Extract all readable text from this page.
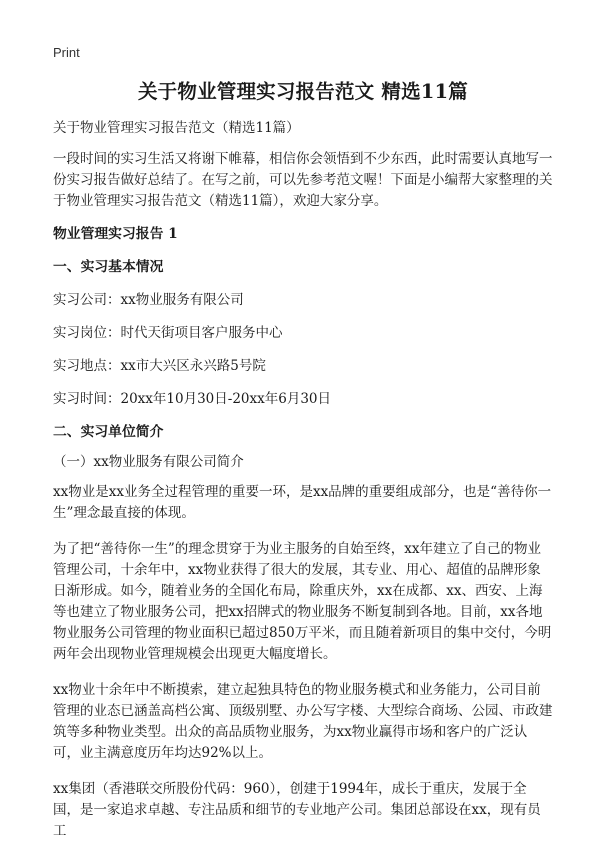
Print
关于物业管理实习报告范文 精选11篇

关于物业管理实习报告范文（精选11篇）

一段时间的实习生活又将谢下帷幕，相信你会领悟到不少东西，此时需要认真地写一份实习报告做好总结了。在写之前，可以先参考范文喔！下面是小编帮大家整理的关于物业管理实习报告范文（精选11篇），欢迎大家分享。

物业管理实习报告 1

一、实习基本情况

实习公司：xx物业服务有限公司

实习岗位：时代天街项目客户服务中心

实习地点：xx市大兴区永兴路5号院

实习时间：20xx年10月30日-20xx年6月30日

二、实习单位简介

（一）xx物业服务有限公司简介

xx物业是xx业务全过程管理的重要一环，是xx品牌的重要组成部分，也是“善待你一生”理念最直接的体现。

为了把“善待你一生”的理念贯穿于为业主服务的自始至终，xx年建立了自己的物业管理公司，十余年中，xx物业获得了很大的发展，其专业、用心、超值的品牌形象日渐形成。如今，随着业务的全国化布局，除重庆外，xx在成都、xx、西安、上海等也建立了物业服务公司，把xx招牌式的物业服务不断复制到各地。目前，xx各地物业服务公司管理的物业面积已超过850万平米，而且随着新项目的集中交付，今明两年会出现物业管理规模会出现更大幅度增长。

xx物业十余年中不断摸索，建立起独具特色的物业服务模式和业务能力，公司目前管理的业态已涵盖高档公寓、顶级别墅、办公写字楼、大型综合商场、公园、市政建筑等多种物业类型。出众的高品质物业服务，为xx物业赢得市场和客户的广泛认可，业主满意度历年均达92%以上。

xx集团（香港联交所股份代码：960），创建于1994年，成长于重庆，发展于全国，是一家追求卓越、专注品质和细节的专业地产公司。集团总部设在xx，现有员工
